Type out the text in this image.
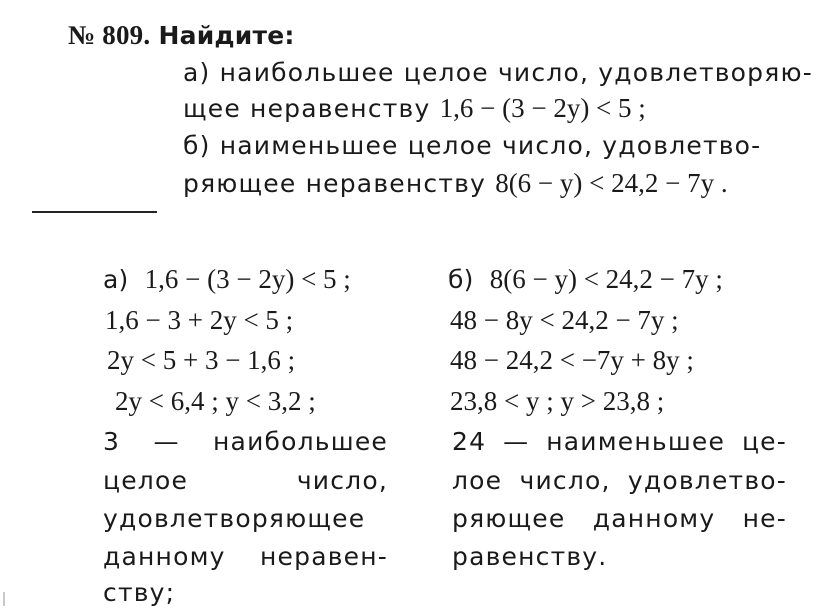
№ 809. Найдите:
а) наибольшее целое число, удовлетворяю-
щее неравенству 1,6 − (3 − 2y) < 5 ;
б) наименьшее целое число, удовлетво-
ряющее неравенству 8(6 − y) < 24,2 − 7y .
а) 1,6 − (3 − 2y) < 5 ;
1,6 − 3 + 2y < 5 ;
2y < 5 + 3 − 1,6 ;
2y < 6,4 ; y < 3,2 ;
3 — наибольшее
целое	число,
удовлетворяющее
данному неравен-
ству;
б) 8(6 − y) < 24,2 − 7y ;
48 − 8y < 24,2 − 7y ;
48 − 24,2 < −7y + 8y ;
23,8 < y ; y > 23,8 ;
24 — наименьшее це-
лое число, удовлетво-
ряющее данному не-
равенству.
